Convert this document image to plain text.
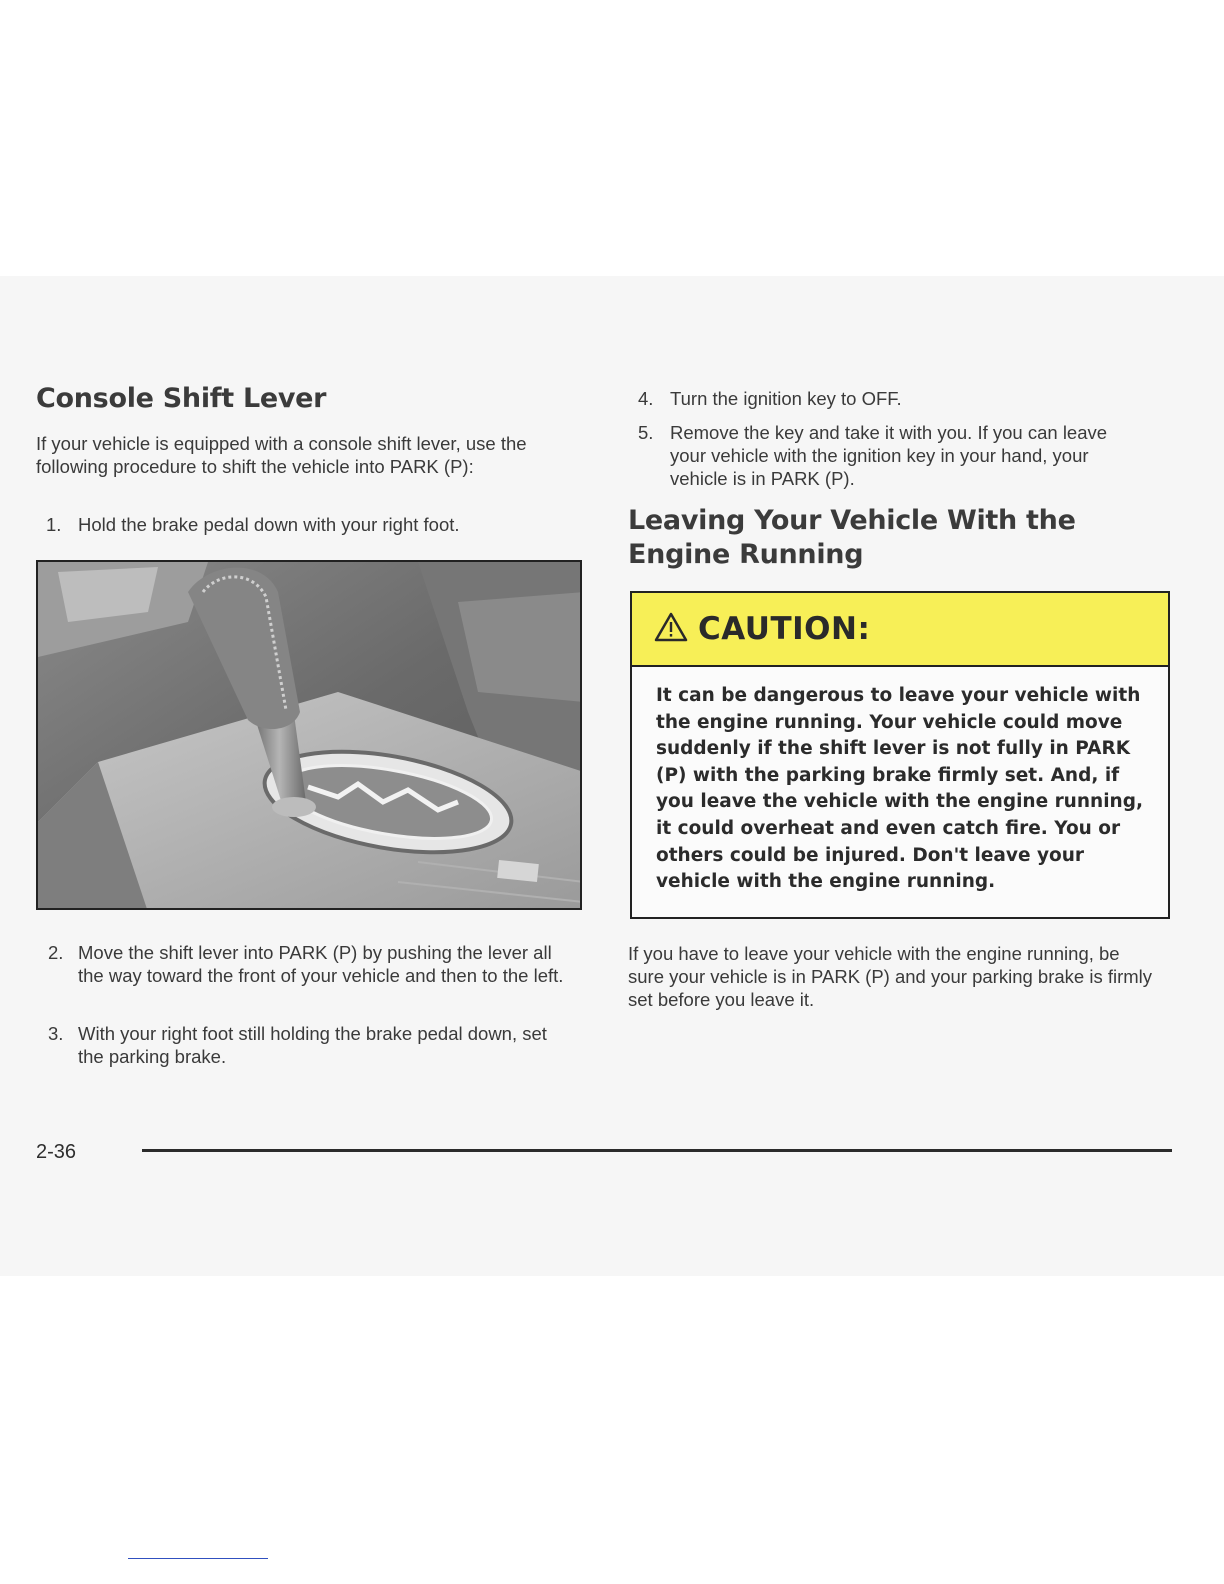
Console Shift Lever

If your vehicle is equipped with a console shift lever, use the following procedure to shift the vehicle into PARK (P):

1. Hold the brake pedal down with your right foot.
2. Move the shift lever into PARK (P) by pushing the lever all the way toward the front of your vehicle and then to the left.
3. With your right foot still holding the brake pedal down, set the parking brake.
4. Turn the ignition key to OFF.
5. Remove the key and take it with you. If you can leave your vehicle with the ignition key in your hand, your vehicle is in PARK (P).
Leaving Your Vehicle With the Engine Running
CAUTION:
It can be dangerous to leave your vehicle with the engine running. Your vehicle could move suddenly if the shift lever is not fully in PARK (P) with the parking brake firmly set. And, if you leave the vehicle with the engine running, it could overheat and even catch fire. You or others could be injured. Don't leave your vehicle with the engine running.

If you have to leave your vehicle with the engine running, be sure your vehicle is in PARK (P) and your parking brake is firmly set before you leave it.

2-36
